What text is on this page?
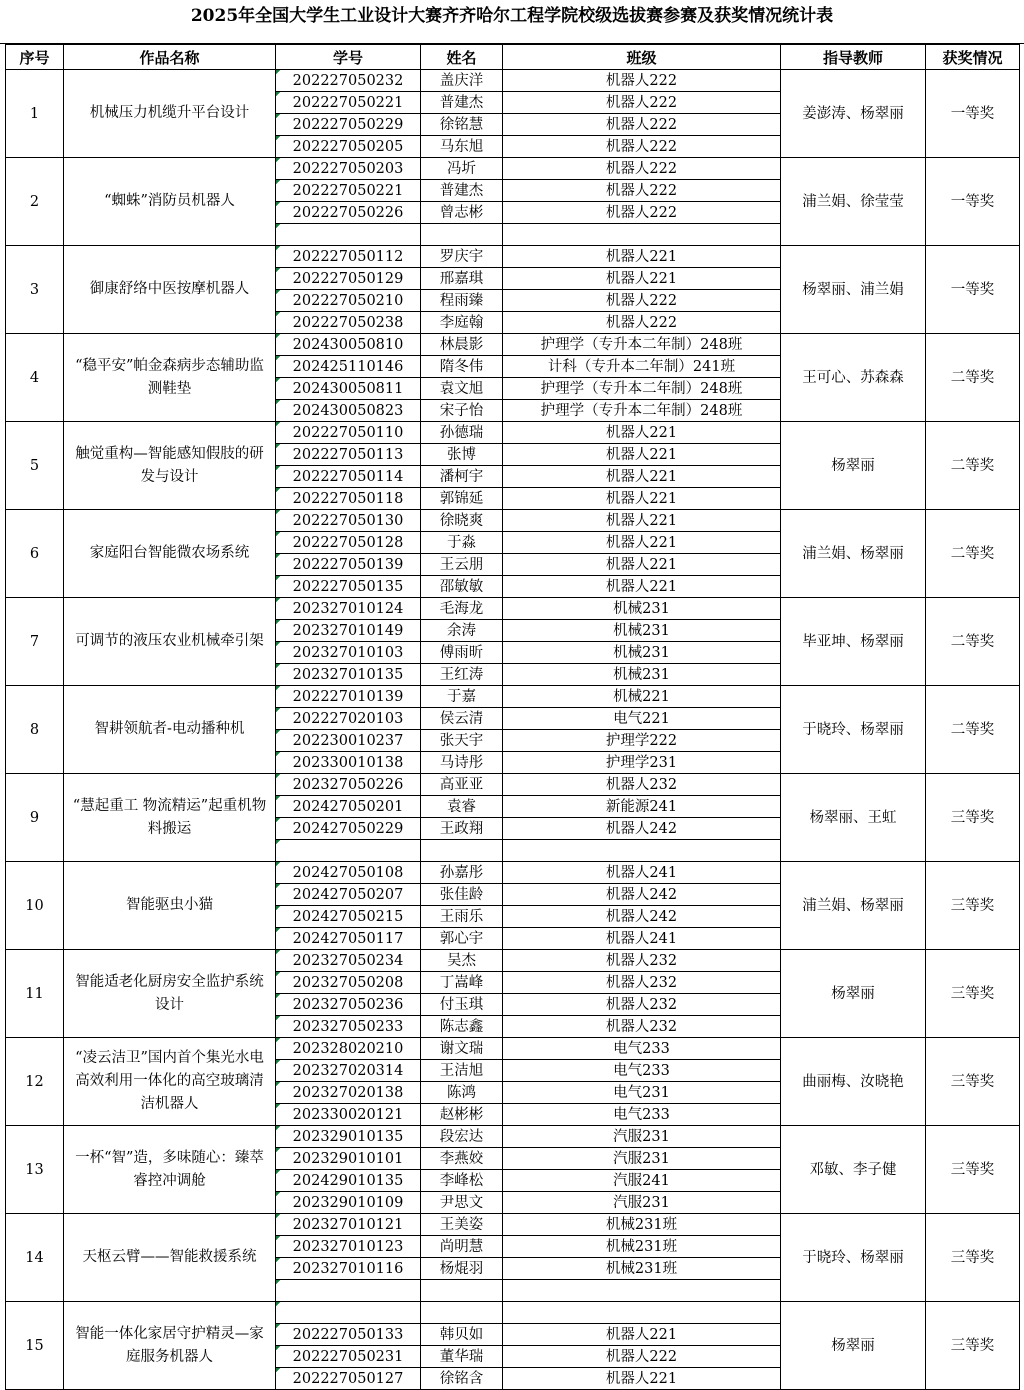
2025年全国大学生工业设计大赛齐齐哈尔工程学院校级选拔赛参赛及获奖情况统计表
序号	作品名称	学号	姓名	班级	指导教师	获奖情况
1	机械压力机缆升平台设计	202227050232	盖庆洋	机器人222	姜澎涛、杨翠丽	一等奖
		202227050221	普建杰	机器人222		
		202227050229	徐铭慧	机器人222		
		202227050205	马东旭	机器人222		
2	“蜘蛛”消防员机器人	202227050203	冯圻	机器人222	浦兰娟、徐莹莹	一等奖
		202227050221	普建杰	机器人222		
		202227050226	曾志彬	机器人222		

3	御康舒络中医按摩机器人	202227050112	罗庆宇	机器人221	杨翠丽、浦兰娟	一等奖
		202227050129	邢嘉琪	机器人221		
		202227050210	程雨臻	机器人222		
		202227050238	李庭翰	机器人222		
4	“稳平安”帕金森病步态辅助监测鞋垫	202430050810	林晨影	护理学（专升本二年制）248班	王可心、苏森森	二等奖
		202425110146	隋冬伟	计科（专升本二年制）241班		
		202430050811	袁文旭	护理学（专升本二年制）248班		
		202430050823	宋子怡	护理学（专升本二年制）248班		
5	触觉重构—智能感知假肢的研发与设计	202227050110	孙德瑞	机器人221	杨翠丽	二等奖
		202227050113	张博	机器人221		
		202227050114	潘柯宇	机器人221		
		202227050118	郭锦延	机器人221		
6	家庭阳台智能微农场系统	202227050130	徐晓爽	机器人221	浦兰娟、杨翠丽	二等奖
		202227050128	于淼	机器人221		
		202227050139	王云朋	机器人221		
		202227050135	邵敏敏	机器人221		
7	可调节的液压农业机械牵引架	202327010124	毛海龙	机械231	毕亚坤、杨翠丽	二等奖
		202327010149	余涛	机械231		
		202327010103	傅雨昕	机械231		
		202327010135	王红涛	机械231		
8	智耕领航者-电动播种机	202227010139	于嘉	机械221	于晓玲、杨翠丽	二等奖
		202227020103	侯云清	电气221		
		202230010237	张天宇	护理学222		
		202330010138	马诗彤	护理学231		
9	“慧起重工 物流精运”起重机物料搬运	202327050226	高亚亚	机器人232	杨翠丽、王虹	三等奖
		202427050201	袁睿	新能源241		
		202427050229	王政翔	机器人242		

10	智能驱虫小猫	202427050108	孙嘉彤	机器人241	浦兰娟、杨翠丽	三等奖
		202427050207	张佳龄	机器人242		
		202427050215	王雨乐	机器人242		
		202427050117	郭心宇	机器人241		
11	智能适老化厨房安全监护系统设计	202327050234	吴杰	机器人232	杨翠丽	三等奖
		202327050208	丁嵩峰	机器人232		
		202327050236	付玉琪	机器人232		
		202327050233	陈志鑫	机器人232		
12	“凌云洁卫”国内首个集光水电高效利用一体化的高空玻璃清洁机器人	202328020210	谢文瑞	电气233	曲丽梅、汝晓艳	三等奖
		202327020314	王洁旭	电气233		
		202327020138	陈鸿	电气231		
		202330020121	赵彬彬	电气233		
13	一杯“智”造，多味随心：臻萃睿控冲调舱	202329010135	段宏达	汽服231	邓敏、李子健	三等奖
		202329010101	李燕姣	汽服231		
		202429010135	李峰松	汽服241		
		202329010109	尹思文	汽服231		
14	天枢云臂——智能救援系统	202327010121	王美姿	机械231班	于晓玲、杨翠丽	三等奖
		202327010123	尚明慧	机械231班		
		202327010116	杨焜羽	机械231班		

15	智能一体化家居守护精灵—家庭服务机器人				杨翠丽	三等奖
		202227050133	韩贝如	机器人221		
		202227050231	董华瑞	机器人222		
		202227050127	徐铭含	机器人221		
